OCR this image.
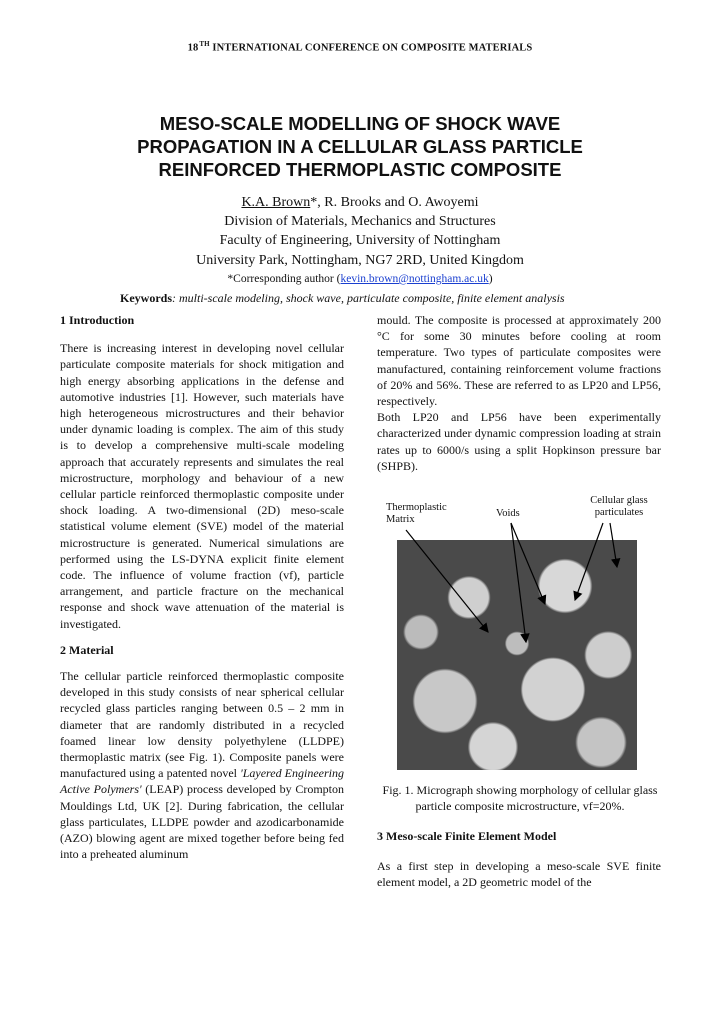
18TH INTERNATIONAL CONFERENCE ON COMPOSITE MATERIALS
MESO-SCALE MODELLING OF SHOCK WAVE
PROPAGATION IN A CELLULAR GLASS PARTICLE
REINFORCED THERMOPLASTIC COMPOSITE
K.A. Brown*, R. Brooks and O. Awoyemi
Division of Materials, Mechanics and Structures
Faculty of Engineering, University of Nottingham
University Park, Nottingham, NG7 2RD, United Kingdom
*Corresponding author (kevin.brown@nottingham.ac.uk)
Keywords: multi-scale modeling, shock wave, particulate composite, finite element analysis
1 Introduction

There is increasing interest in developing novel cellular particulate composite materials for shock mitigation and high energy absorbing applications in the defense and automotive industries [1]. However, such materials have high heterogeneous microstructures and their behavior under dynamic loading is complex. The aim of this study is to develop a comprehensive multi-scale modeling approach that accurately represents and simulates the real microstructure, morphology and behaviour of a new cellular particle reinforced thermoplastic composite under shock loading. A two-dimensional (2D) meso-scale statistical volume element (SVE) model of the material microstructure is generated. Numerical simulations are performed using the LS-DYNA explicit finite element code. The influence of volume fraction (vf), particle arrangement, and particle fracture on the mechanical response and shock wave attenuation of the material is investigated.

2 Material

The cellular particle reinforced thermoplastic composite developed in this study consists of near spherical cellular recycled glass particles ranging between 0.5 – 2 mm in diameter that are randomly distributed in a recycled foamed linear low density polyethylene (LLDPE) thermoplastic matrix (see Fig. 1). Composite panels were manufactured using a patented novel 'Layered Engineering Active Polymers' (LEAP) process developed by Crompton Mouldings Ltd, UK [2]. During fabrication, the cellular glass particulates, LLDPE powder and azodicarbonamide (AZO) blowing agent are mixed together before being fed into a preheated aluminum

mould. The composite is processed at approximately 200 °C for some 30 minutes before cooling at room temperature. Two types of particulate composites were manufactured, containing reinforcement volume fractions of 20% and 56%. These are referred to as LP20 and LP56, respectively.

Both LP20 and LP56 have been experimentally characterized under dynamic compression loading at strain rates up to 6000/s using a split Hopkinson pressure bar (SHPB).

Thermoplastic Matrix
Voids
Cellular glass particulates
Fig. 1. Micrograph showing morphology of cellular glass particle composite microstructure, vf=20%.
3 Meso-scale Finite Element Model

As a first step in developing a meso-scale SVE finite element model, a 2D geometric model of the
